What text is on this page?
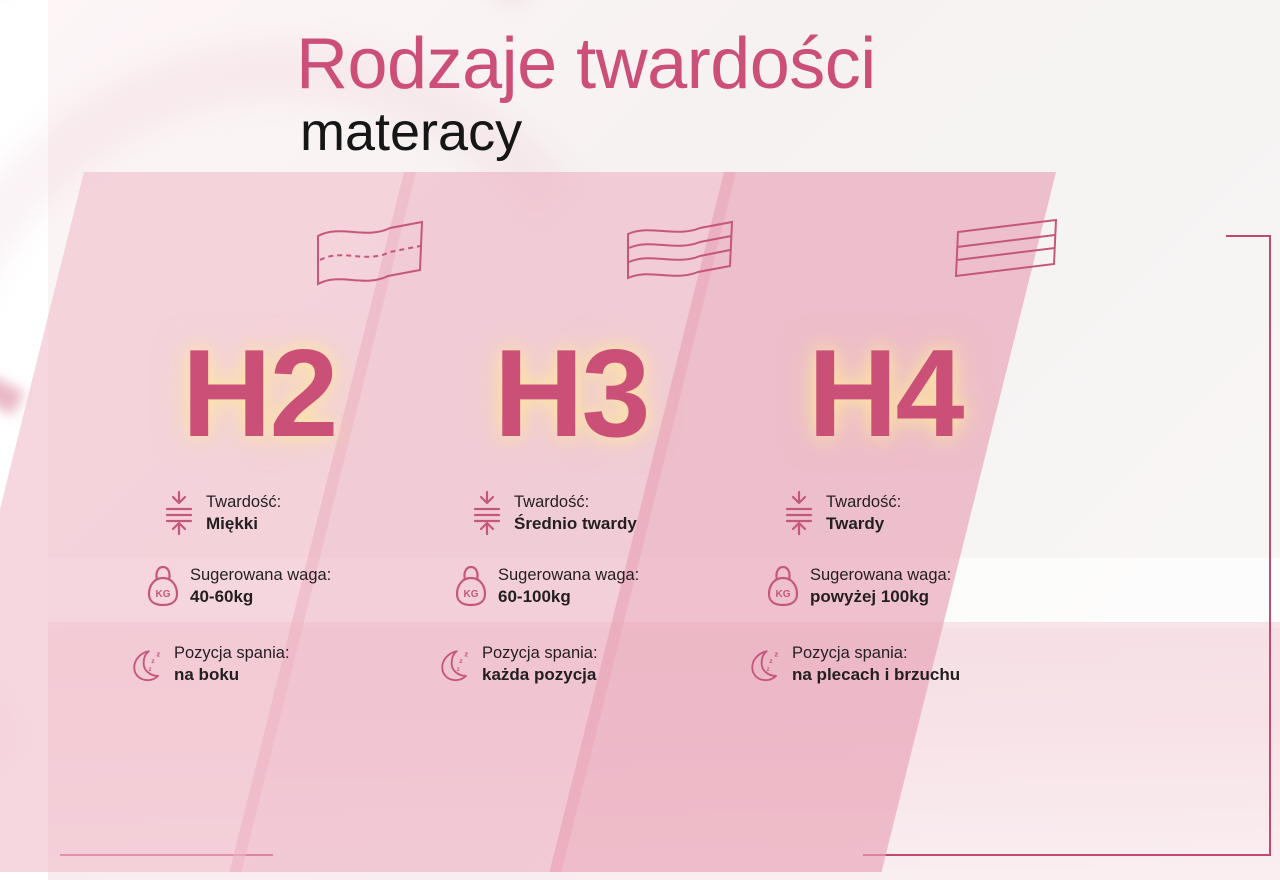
Rodzaje twardości
materacy
H2
Twardość:
Miękki
KG
Sugerowana waga:
40-60kg
z
z
z
Pozycja spania:
na boku
H3
Twardość:
Średnio twardy
KG
Sugerowana waga:
60-100kg
z
z
z
Pozycja spania:
każda pozycja
H4
Twardość:
Twardy
KG
Sugerowana waga:
powyżej 100kg
z
z
z
Pozycja spania:
na plecach i brzuchu
